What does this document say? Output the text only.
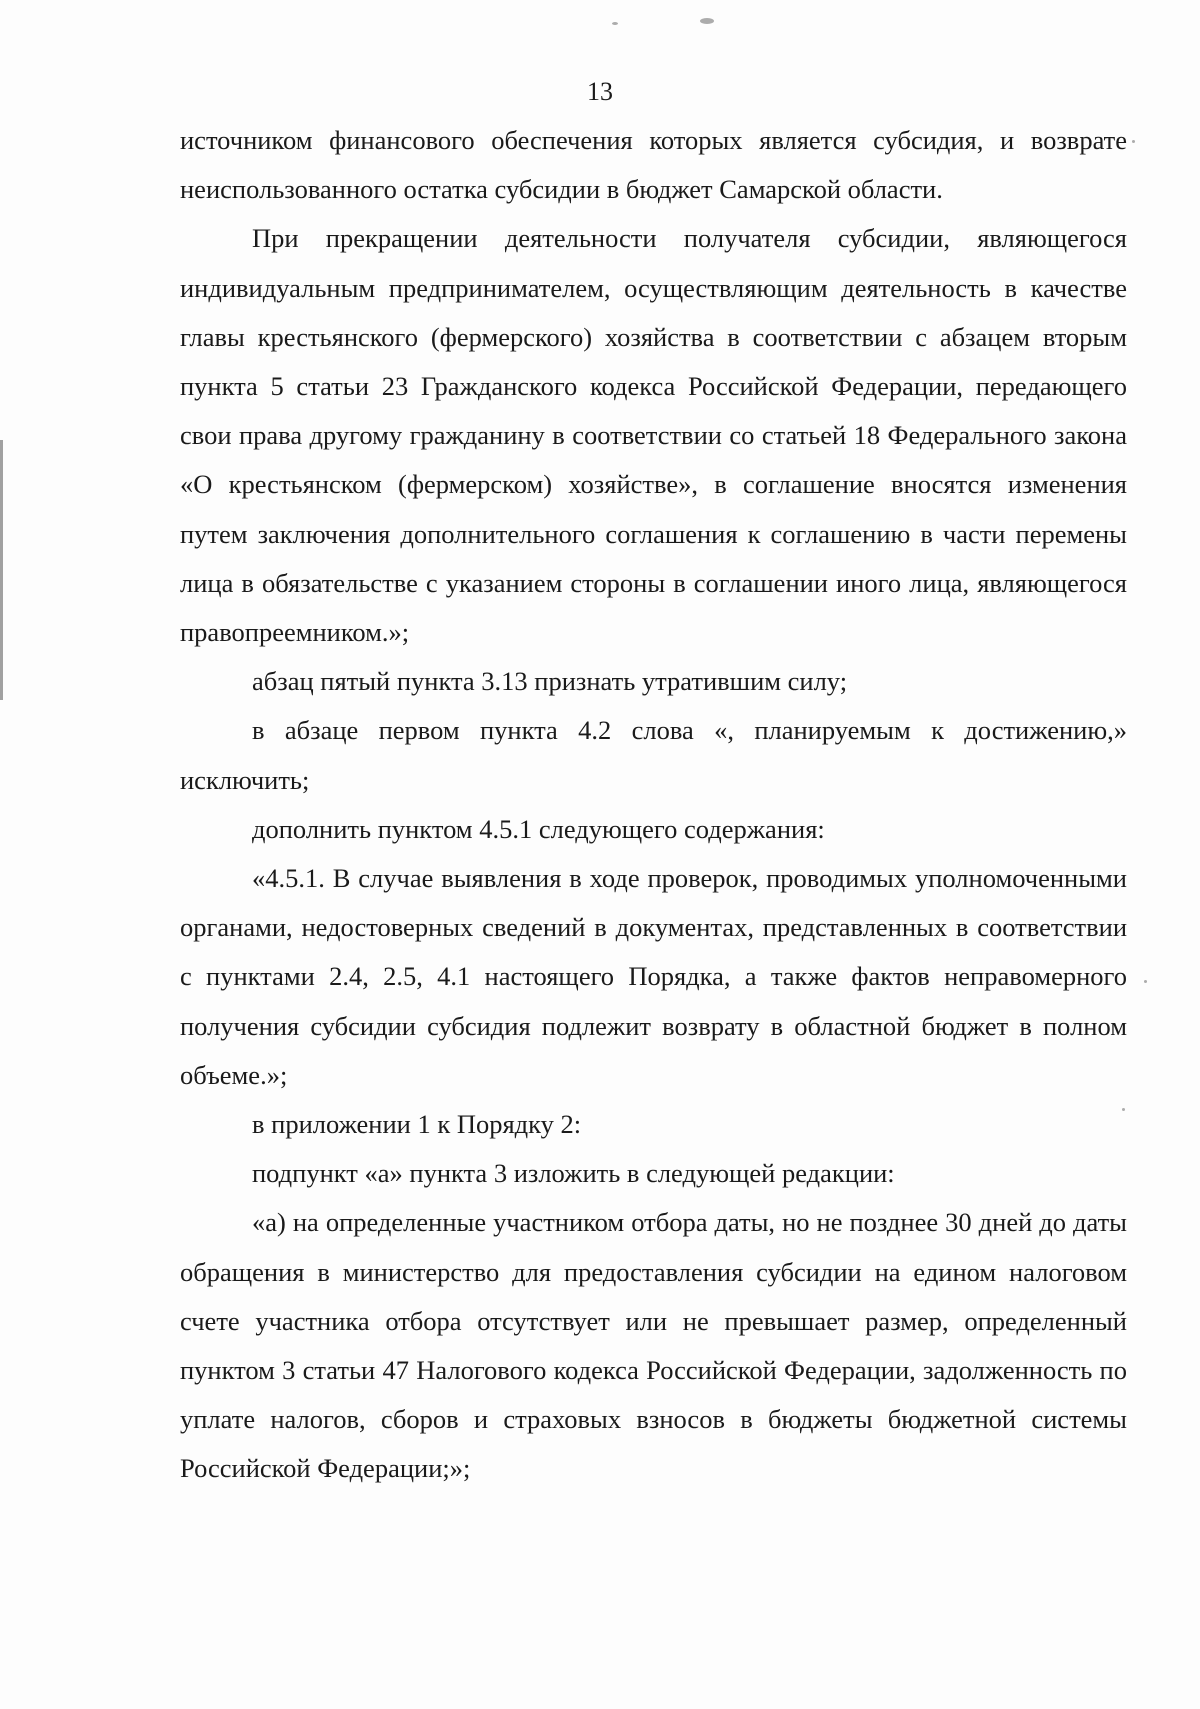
13

источником финансового обеспечения которых является субсидия, и возврате неиспользованного остатка субсидии в бюджет Самарской области.

При прекращении деятельности получателя субсидии, являющегося индивидуальным предпринимателем, осуществляющим деятельность в качестве главы крестьянского (фермерского) хозяйства в соответствии с абзацем вторым пункта 5 статьи 23 Гражданского кодекса Российской Федерации, передающего свои права другому гражданину в соответствии со статьей 18 Федерального закона «О крестьянском (фермерском) хозяйстве», в соглашение вносятся изменения путем заключения дополнительного соглашения к соглашению в части перемены лица в обязательстве с указанием стороны в соглашении иного лица, являющегося правопреемником.»;

абзац пятый пункта 3.13 признать утратившим силу;

в абзаце первом пункта 4.2 слова «, планируемым к достижению,» исключить;

дополнить пунктом 4.5.1 следующего содержания:

«4.5.1. В случае выявления в ходе проверок, проводимых уполномоченными органами, недостоверных сведений в документах, представленных в соответствии с пунктами 2.4, 2.5, 4.1 настоящего Порядка, а также фактов неправомерного получения субсидии субсидия подлежит возврату в областной бюджет в полном объеме.»;

в приложении 1 к Порядку 2:

подпункт «а» пункта 3 изложить в следующей редакции:

«а) на определенные участником отбора даты, но не позднее 30 дней до даты обращения в министерство для предоставления субсидии на едином налоговом счете участника отбора отсутствует или не превышает размер, определенный пунктом 3 статьи 47 Налогового кодекса Российской Федерации, задолженность по уплате налогов, сборов и страховых взносов в бюджеты бюджетной системы Российской Федерации;»;
